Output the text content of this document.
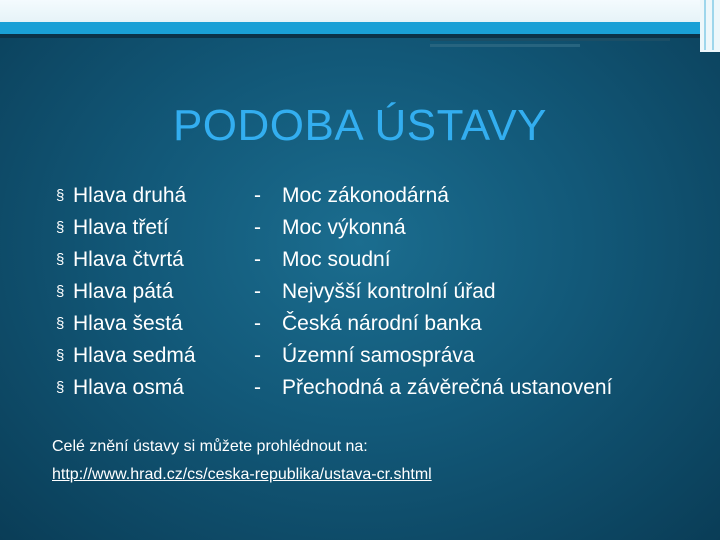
PODOBA ÚSTAVY
§ Hlava druhá
§ Hlava třetí
§ Hlava čtvrtá
§ Hlava pátá
§ Hlava šestá
§ Hlava sedmá
§ Hlava osmá
- Moc zákonodárná
- Moc výkonná
- Moc soudní
- Nejvyšší kontrolní úřad
- Česká národní banka
- Územní samospráva
- Přechodná a závěrečná ustanovení
Celé znění ústavy si můžete prohlédnout na:
http://www.hrad.cz/cs/ceska-republika/ustava-cr.shtml
